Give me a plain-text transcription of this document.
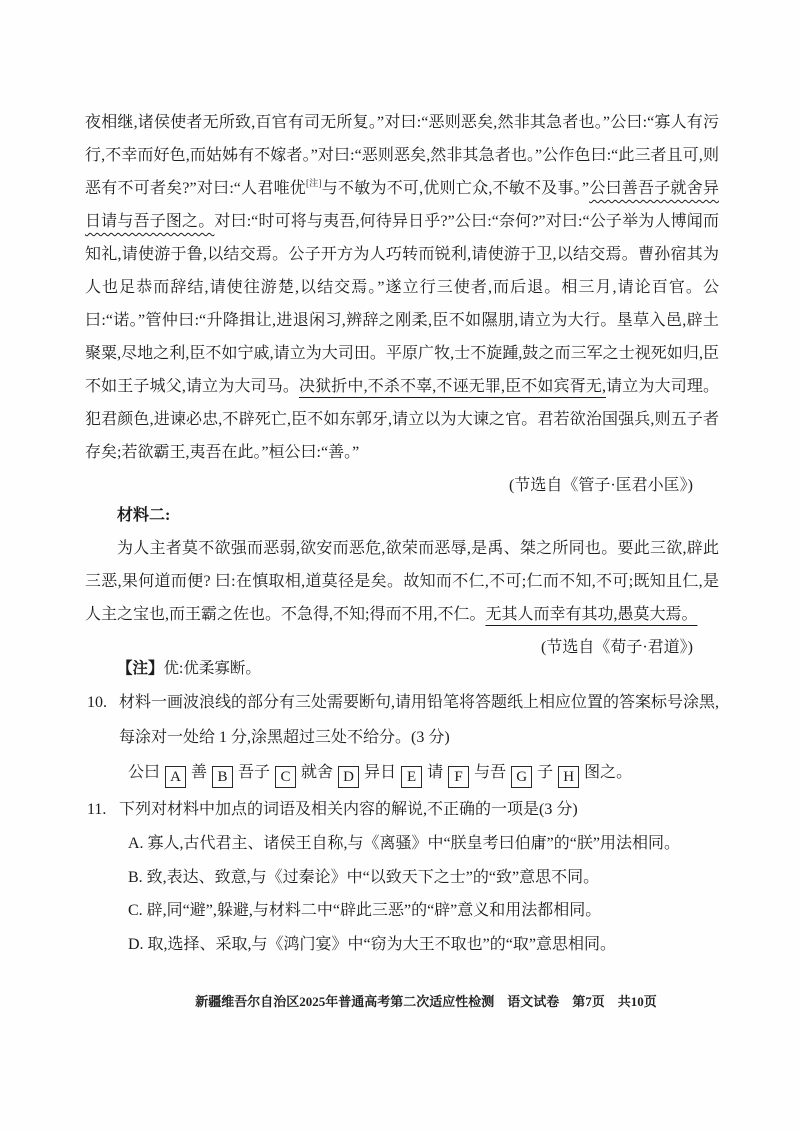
夜相继,诸侯使者无所致,百官有司无所复。”对曰:“恶则恶矣,然非其急者也。”公曰:“寡人有污行,不幸而好色,而姑姊有不嫁者。”对曰:“恶则恶矣,然非其急者也。”公作色曰:“此三者且可,则恶有不可者矣?”对曰:“人君唯优[注]与不敏为不可,优则亡众,不敏不及事。”公曰善吾子就舍异日请与吾子图之。对曰:“时可将与夷吾,何待异日乎?”公曰:“奈何?”对曰:“公子举为人博闻而知礼,请使游于鲁,以结交焉。公子开方为人巧转而锐利,请使游于卫,以结交焉。曹孙宿其为人也足恭而辞结,请使往游楚,以结交焉。”遂立行三使者,而后退。相三月,请论百官。公曰:“诺。”管仲曰:“升降揖让,进退闲习,辨辞之刚柔,臣不如隰朋,请立为大行。垦草入邑,辟土聚粟,尽地之利,臣不如宁戚,请立为大司田。平原广牧,士不旋踵,鼓之而三军之士视死如归,臣不如王子城父,请立为大司马。决狱折中,不杀不辜,不诬无罪,臣不如宾胥无,请立为大司理。犯君颜色,进谏必忠,不辟死亡,臣不如东郭牙,请立以为大谏之官。君若欲治国强兵,则五子者存矣;若欲霸王,夷吾在此。”桓公曰:“善。”

(节选自《管子·匡君小匡》)
材料二:

为人主者莫不欲强而恶弱,欲安而恶危,欲荣而恶辱,是禹、桀之所同也。要此三欲,辟此三恶,果何道而便? 曰:在慎取相,道莫径是矣。故知而不仁,不可;仁而不知,不可;既知且仁,是人主之宝也,而王霸之佐也。不急得,不知;得而不用,不仁。无其人而幸有其功,愚莫大焉。

(节选自《荀子·君道》)
【注】优:优柔寡断。
10. 材料一画波浪线的部分有三处需要断句,请用铅笔将答题纸上相应位置的答案标号涂黑,每涂对一处给 1 分,涂黑超过三处不给分。(3 分)
公曰 A 善 B 吾子 C 就舍 D 异日 E 请 F 与吾 G 子 H 图之。
11. 下列对材料中加点的词语及相关内容的解说,不正确的一项是(3 分)
A. 寡人,古代君主、诸侯王自称,与《离骚》中“朕皇考曰伯庸”的“朕”用法相同。
B. 致,表达、致意,与《过秦论》中“以致天下之士”的“致”意思不同。
C. 辟,同“避”,躲避,与材料二中“辟此三恶”的“辟”意义和用法都相同。
D. 取,选择、采取,与《鸿门宴》中“窃为大王不取也”的“取”意思相同。
新疆维吾尔自治区2025年普通高考第二次适应性检测　语文试卷　第7页　共10页
